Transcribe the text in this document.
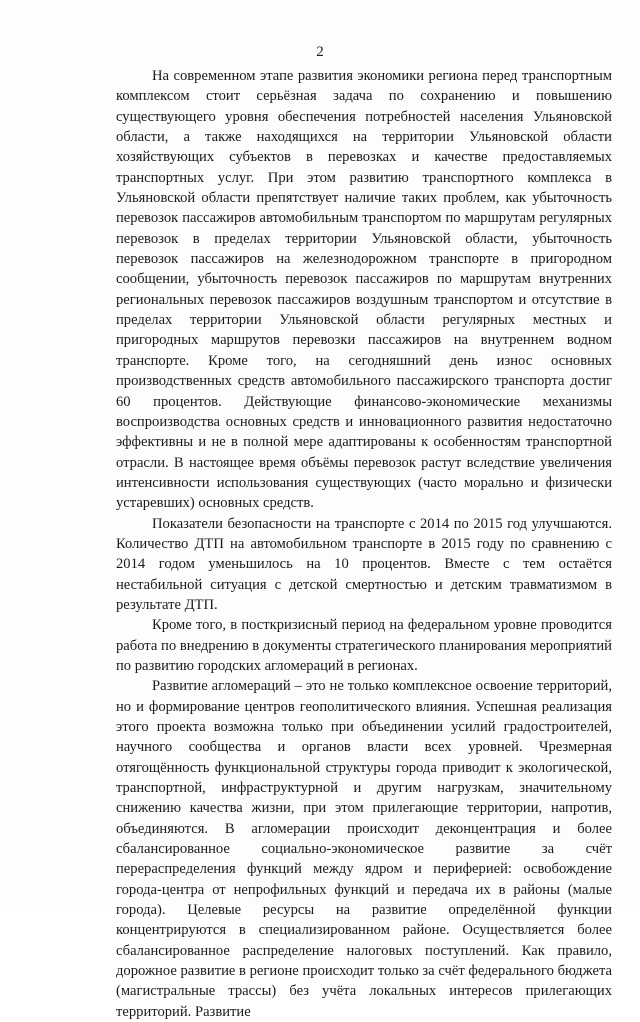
2

На современном этапе развития экономики региона перед транспортным комплексом стоит серьёзная задача по сохранению и повышению существующего уровня обеспечения потребностей населения Ульяновской области, а также находящихся на территории Ульяновской области хозяйствующих субъектов в перевозках и качестве предоставляемых транспортных услуг. При этом развитию транспортного комплекса в Ульяновской области препятствует наличие таких проблем, как убыточность перевозок пассажиров автомобильным транспортом по маршрутам регулярных перевозок в пределах территории Ульяновской области, убыточность перевозок пассажиров на железнодорожном транспорте в пригородном сообщении, убыточность перевозок пассажиров по маршрутам внутренних региональных перевозок пассажиров воздушным транспортом и отсутствие в пределах территории Ульяновской области регулярных местных и пригородных маршрутов перевозки пассажиров на внутреннем водном транспорте. Кроме того, на сегодняшний день износ основных производственных средств автомобильного пассажирского транспорта достиг 60 процентов. Действующие финансово-экономические механизмы воспроизводства основных средств и инновационного развития недостаточно эффективны и не в полной мере адаптированы к особенностям транспортной отрасли. В настоящее время объёмы перевозок растут вследствие увеличения интенсивности использования существующих (часто морально и физически устаревших) основных средств.

Показатели безопасности на транспорте с 2014 по 2015 год улучшаются. Количество ДТП на автомобильном транспорте в 2015 году по сравнению с 2014 годом уменьшилось на 10 процентов. Вместе с тем остаётся нестабильной ситуация с детской смертностью и детским травматизмом в результате ДТП.

Кроме того, в посткризисный период на федеральном уровне проводится работа по внедрению в документы стратегического планирования мероприятий по развитию городских агломераций в регионах.

Развитие агломераций – это не только комплексное освоение территорий, но и формирование центров геополитического влияния. Успешная реализация этого проекта возможна только при объединении усилий градостроителей, научного сообщества и органов власти всех уровней. Чрезмерная отягощённость функциональной структуры города приводит к экологической, транспортной, инфраструктурной и другим нагрузкам, значительному снижению качества жизни, при этом прилегающие территории, напротив, объединяются. В агломерации происходит деконцентрация и более сбалансированное социально-экономическое развитие за счёт перераспределения функций между ядром и периферией: освобождение города-центра от непрофильных функций и передача их в районы (малые города). Целевые ресурсы на развитие определённой функции концентрируются в специализированном районе. Осуществляется более сбалансированное распределение налоговых поступлений. Как правило, дорожное развитие в регионе происходит только за счёт федерального бюджета (магистральные трассы) без учёта локальных интересов прилегающих территорий. Развитие
